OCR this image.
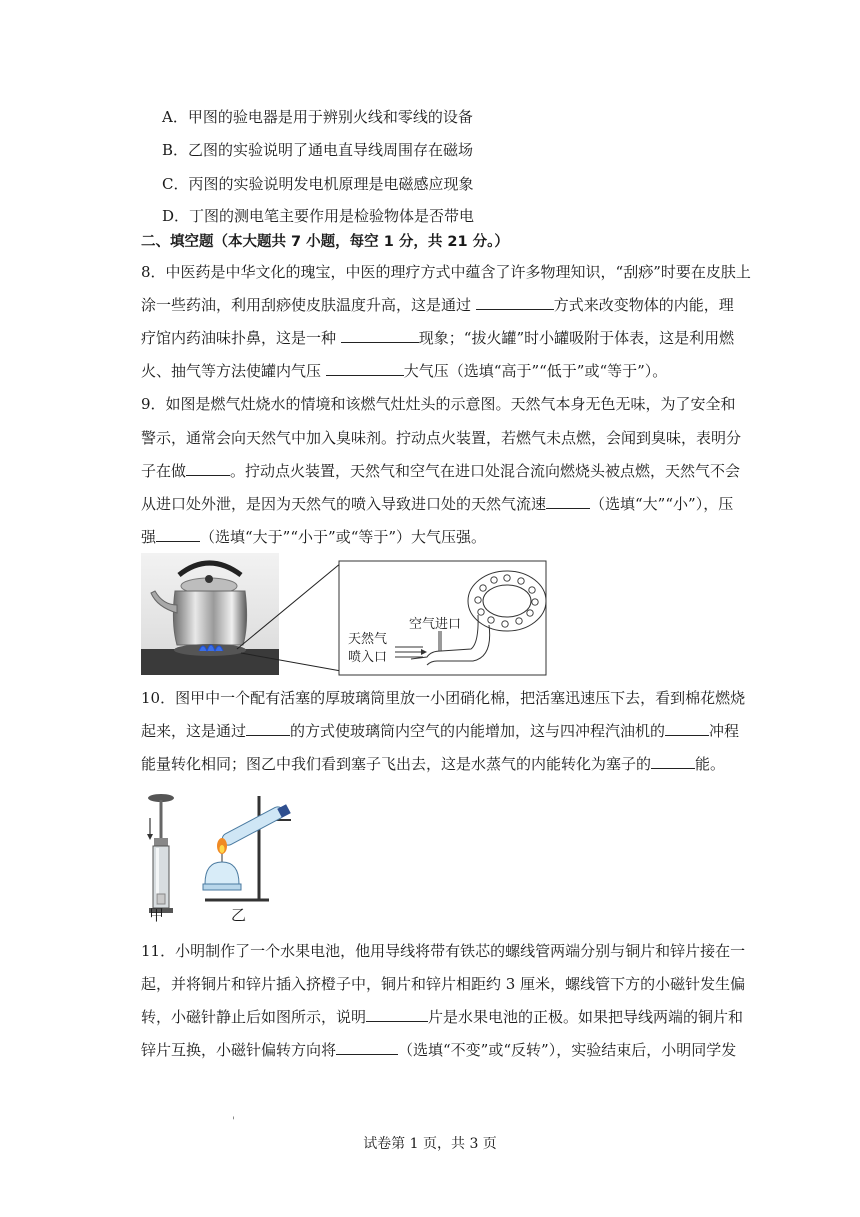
A．甲图的验电器是用于辨别火线和零线的设备
B．乙图的实验说明了通电直导线周围存在磁场
C．丙图的实验说明发电机原理是电磁感应现象
D．丁图的测电笔主要作用是检验物体是否带电
二、填空题（本大题共 7 小题，每空 1 分，共 21 分。）
8．中医药是中华文化的瑰宝，中医的理疗方式中蕴含了许多物理知识，“刮痧”时要在皮肤上
涂一些药油，利用刮痧使皮肤温度升高，这是通过	方式来改变物体的内能，理
疗馆内药油味扑鼻，这是一种	现象；“拔火罐”时小罐吸附于体表，这是利用燃
火、抽气等方法使罐内气压	大气压（选填“高于”“低于”或“等于”）。
9．如图是燃气灶烧水的情境和该燃气灶灶头的示意图。天然气本身无色无味，为了安全和
警示，通常会向天然气中加入臭味剂。拧动点火装置，若燃气未点燃，会闻到臭味，表明分
子在做	。拧动点火装置，天然气和空气在进口处混合流向燃烧头被点燃，天然气不会
从进口处外泄，是因为天然气的喷入导致进口处的天然气流速	（选填“大”“小”），压
强	（选填“大于”“小于”或“等于”）大气压强。
空气进口
天然气
喷入口
10．图甲中一个配有活塞的厚玻璃筒里放一小团硝化棉，把活塞迅速压下去，看到棉花燃烧
起来，这是通过	的方式使玻璃筒内空气的内能增加，这与四冲程汽油机的	冲程
能量转化相同；图乙中我们看到塞子飞出去，这是水蒸气的内能转化为塞子的	能。
甲	乙
11．小明制作了一个水果电池，他用导线将带有铁芯的螺线管两端分别与铜片和锌片接在一
起，并将铜片和锌片插入挤橙子中，铜片和锌片相距约 3 厘米，螺线管下方的小磁针发生偏
转，小磁针静止后如图所示，说明	片是水果电池的正极。如果把导线两端的铜片和
锌片互换，小磁针偏转方向将	（选填“不变”或“反转”），实验结束后，小明同学发
'
试卷第 1 页，共 3 页
